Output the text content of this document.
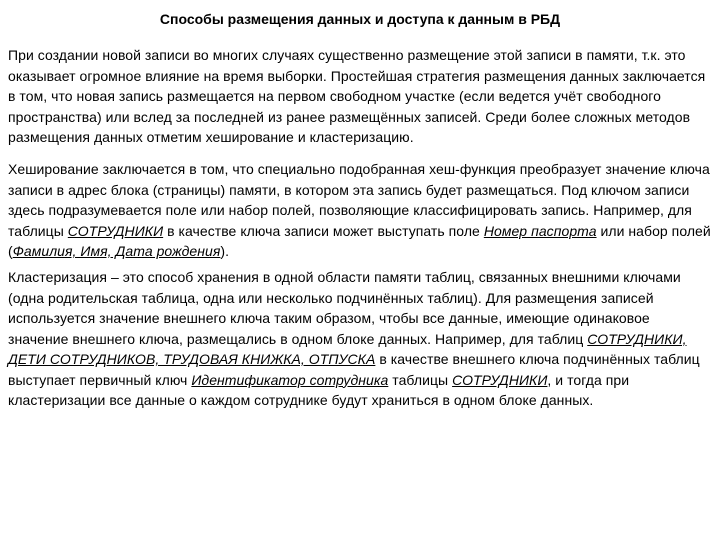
Способы размещения данных и доступа к данным в РБД
При создании новой записи во многих случаях существенно размещение этой записи в памяти, т.к. это оказывает огромное влияние на время выборки. Простейшая стратегия размещения данных заключается в том, что новая запись размещается на первом свободном участке (если ведется учёт свободного пространства) или вслед за последней из ранее размещённых записей. Среди более сложных методов размещения данных отметим хеширование и кластеризацию.
Хеширование заключается в том, что специально подобранная хеш-функция преобразует значение ключа записи в адрес блока (страницы) памяти, в котором эта запись будет размещаться. Под ключом записи здесь подразумевается поле или набор полей, позволяющие классифицировать запись. Например, для таблицы СОТРУДНИКИ в качестве ключа записи может выступать поле Номер паспорта или набор полей (Фамилия, Имя, Дата рождения).
Кластеризация – это способ хранения в одной области памяти таблиц, связанных внешними ключами (одна родительская таблица, одна или несколько подчинённых таблиц). Для размещения записей используется значение внешнего ключа таким образом, чтобы все данные, имеющие одинаковое значение внешнего ключа, размещались в одном блоке данных. Например, для таблиц СОТРУДНИКИ, ДЕТИ СОТРУДНИКОВ, ТРУДОВАЯ КНИЖКА, ОТПУСКА в качестве внешнего ключа подчинённых таблиц выступает первичный ключ Идентификатор сотрудника таблицы СОТРУДНИКИ, и тогда при кластеризации все данные о каждом сотруднике будут храниться в одном блоке данных.
